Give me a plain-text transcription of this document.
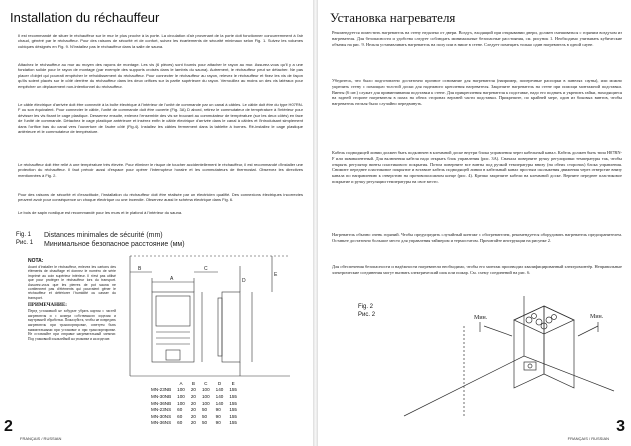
Installation du réchauffeur
Il est recommandé de situer le réchauffeur sur le mur le plus proche à la porte. La circulation d'air provenant de la porte doit fonctionner concurremment à l'air chaud, généré par le réchauffeur. Pour des raisons de sécurité et de confort, suivez les écartements de sécurité minimaux selon Fig. 1. Suivez les volumes cubiques désignés en Fig. 9. N'installez pas le réchauffeur dans la salle de sauna.
Attachez le réchauffeur au mur au moyen des rayons de montage. Les vis (6 pièces) sont fournis pour attacher le rayon au mur. Assurez-vous qu'il y a une fondation solide pour le rayon de montage (par exemple des supports croisés dans le lambris du sauna). Autrement, le réchauffeur peut se détacher. Ne pas placer d'objet qui pourrait empêcher le refroidissement du réchauffeur. Pour connecter le réchauffeur au rayon, relevez le réchauffeur et fixez les vis de façon qu'ils soient placés sur le côté derrière du réchauffeur dans les deux orifices sur la partie supérieure du rayon. Verrouillez au moins un des vis latéraux pour empêcher un déplacement non-intentionnel du réchauffeur.
Le câble électrique d'arrivée doit être connecté à la boîte électrique à l'intérieur de l'unité de commande par un canal à câbles. Le câble doit être du type H07RN-F ou son équivalent. Pour connecter le câble, l'unité de commande doit être ouverte (Fig. 3A) D abord, retirez le commutateur de température à l'intérieur pour dévisser les vis fixant le cage plastique. Desserrez ensuite, enlevez l'ensemble des vis se trouvant au commutateur de température (sur les deux côtés) en face de l'unité de commande. Détachez le cage plastique antérieure et insérez enfin le câble électrique d'arrivée dans le canal à câbles et l'introduisant simplement dans l'orifice bas du canal vers l'ouverture de l'autre côté (Fig.4). Installez les câbles fermement dans la tablette à bornes. Ré-installez le cage plastique antérieure et le commutateur de température.
Le réchauffeur doit être relié à une température très élevée. Pour éliminer le risque de toucher accidentellement le réchauffeur, il est recommandé d'installer une protection du réchauffeur. Il faut prévoir aussi d'espace pour opérer l'interrupteur horaire et les commutateurs de thermostat. Observez les directives mentionnées à Fig. 2.
Pour des raisons de sécurité et d'exactitude, l'installation du réchauffeur doit être réalisée par un électricien qualifié. Des connexions électriques incorrectes peuvent avoir pour conséquence un choque électrique ou une incendie. Observez aussi le schéma électrique dans Fig. 6.
Le bois de sapin nordique est recommandé pour les murs et le plafond à l'intérieur du sauna.
Fig. 1
Рис. 1
Distances minimales de sécurité (mm)
Минимальное безопасное расстояние (мм)
NOTA:
Avant d'installer le réchauffeur, enlevez les cartons des éléments de chauffage et donnez le numéro de série imprimé au coin supérieur intérieur. Il n'est pas utilisé que pour protéger le réchauffeur lors du transport. Assurez-vous que les pierres de pot sauna ne contiennent pas d'éléments qui pourraient gêner le réchauffeur et détériorer l'humidité ou casser du transport.
ПРИМЕЧАНИЕ:
Перед установкой не забудьте убрать картон с частей нагревателя и с номера собственного изделия и внутренней обработки. Пожалуйста, чтобы не повредить нагреватель при транспортировке, советуем быть внимательными при установке и при транспортировке. Не оставляйте при отправке нагревательный элемент. Под упаковкой и наклейкой на упаковке и на изделие.
A
B	C
D
E
	A	B	C	D	E
MN-23NB	100	20	100	140	155
MN-30NB	100	20	100	140	155
MN-36NB	100	20	100	140	155
MN-23NS	60	20	50	90	155
MN-30NS	60	20	50	90	155
MN-36NS	60	20	50	90	155
2
FRANÇAIS / RUSSIAN
Установка нагревателя
Рекомендуется поместить нагреватель на стену недалеко от двери. Воздух, входящий при открывании двери, должен смешиваться с горячим воздухом из нагревателя. Для безопасности и удобства следует соблюдать минимальные безопасные расстояния, см. рисунок 1. Необходимо учитывать кубические объемы на рис. 9. Нельзя устанавливать нагреватель на полу или в нише в стене. Следует помещать только один нагреватель в одной сауне.
Убедитесь, что было подготовлено достаточно прочное основание для нагревателя (например, поперечные распорки в панелях сауны), или можно укрепить стену с помощью толстой доски для надежного крепления нагревателя. Закрепите нагреватель на стене при помощи монтажной подставки. Винты (6 шт.) служат для привинчивания подставки к стене. Для прикрепления нагревателя к подставке, надо его поднять и укрепить гайки, находящиеся на задней стороне нагревателя в пазах на обеих сторонах верхней части подставки. Прикрепите, по крайней мере, один из боковых винтов, чтобы нагреватель нельзя было случайно передвинуть.
Кабель подводящей линии должен быть подключен в клеммной доске внутри блока управления через кабельный канал. Кабель должен быть типа H07RN-F или эквивалентный. Для включения кабеля надо открыть блок управления (рис. 3А). Сначала поверните ручку регулировки температуры так, чтобы открыть регулятор винты пластикового покрытия. Потом поверните все винты под ручкой температуры внизу (на обеих сторонах) блока управления. Снимите переднее пластиковое покрытие и вставьте кабель подводящей линии в кабельный канал простым скольжения движения через отверстие внизу канала по направлению к отверстию на противоположном конце (рис. 4). Крепко закрепите кабели на клеммной доске. Верните переднее пластиковое покрытие и ручку регуляции температуры на свое место.
Нагреватель обычно очень горячий. Чтобы предупредить случайный контакт с обогревателем, рекомендуется оборудовать нагреватель предохранителем. Оставьте достаточно большое место для управления таймером и термостатом. Прочитайте инструкции на рисунке 2.
Для обеспечения безопасности и надёжности нагреватели необходимо, чтобы его монтаж производил квалифицированный электромонтёр. Неправильные электрические соединения могут вызвать электрический шок или пожар. См. схему соединений на рис. 6.
Fig. 2
Рис. 2	Мин.	Мин.
3
FRANÇAIS / RUSSIAN
